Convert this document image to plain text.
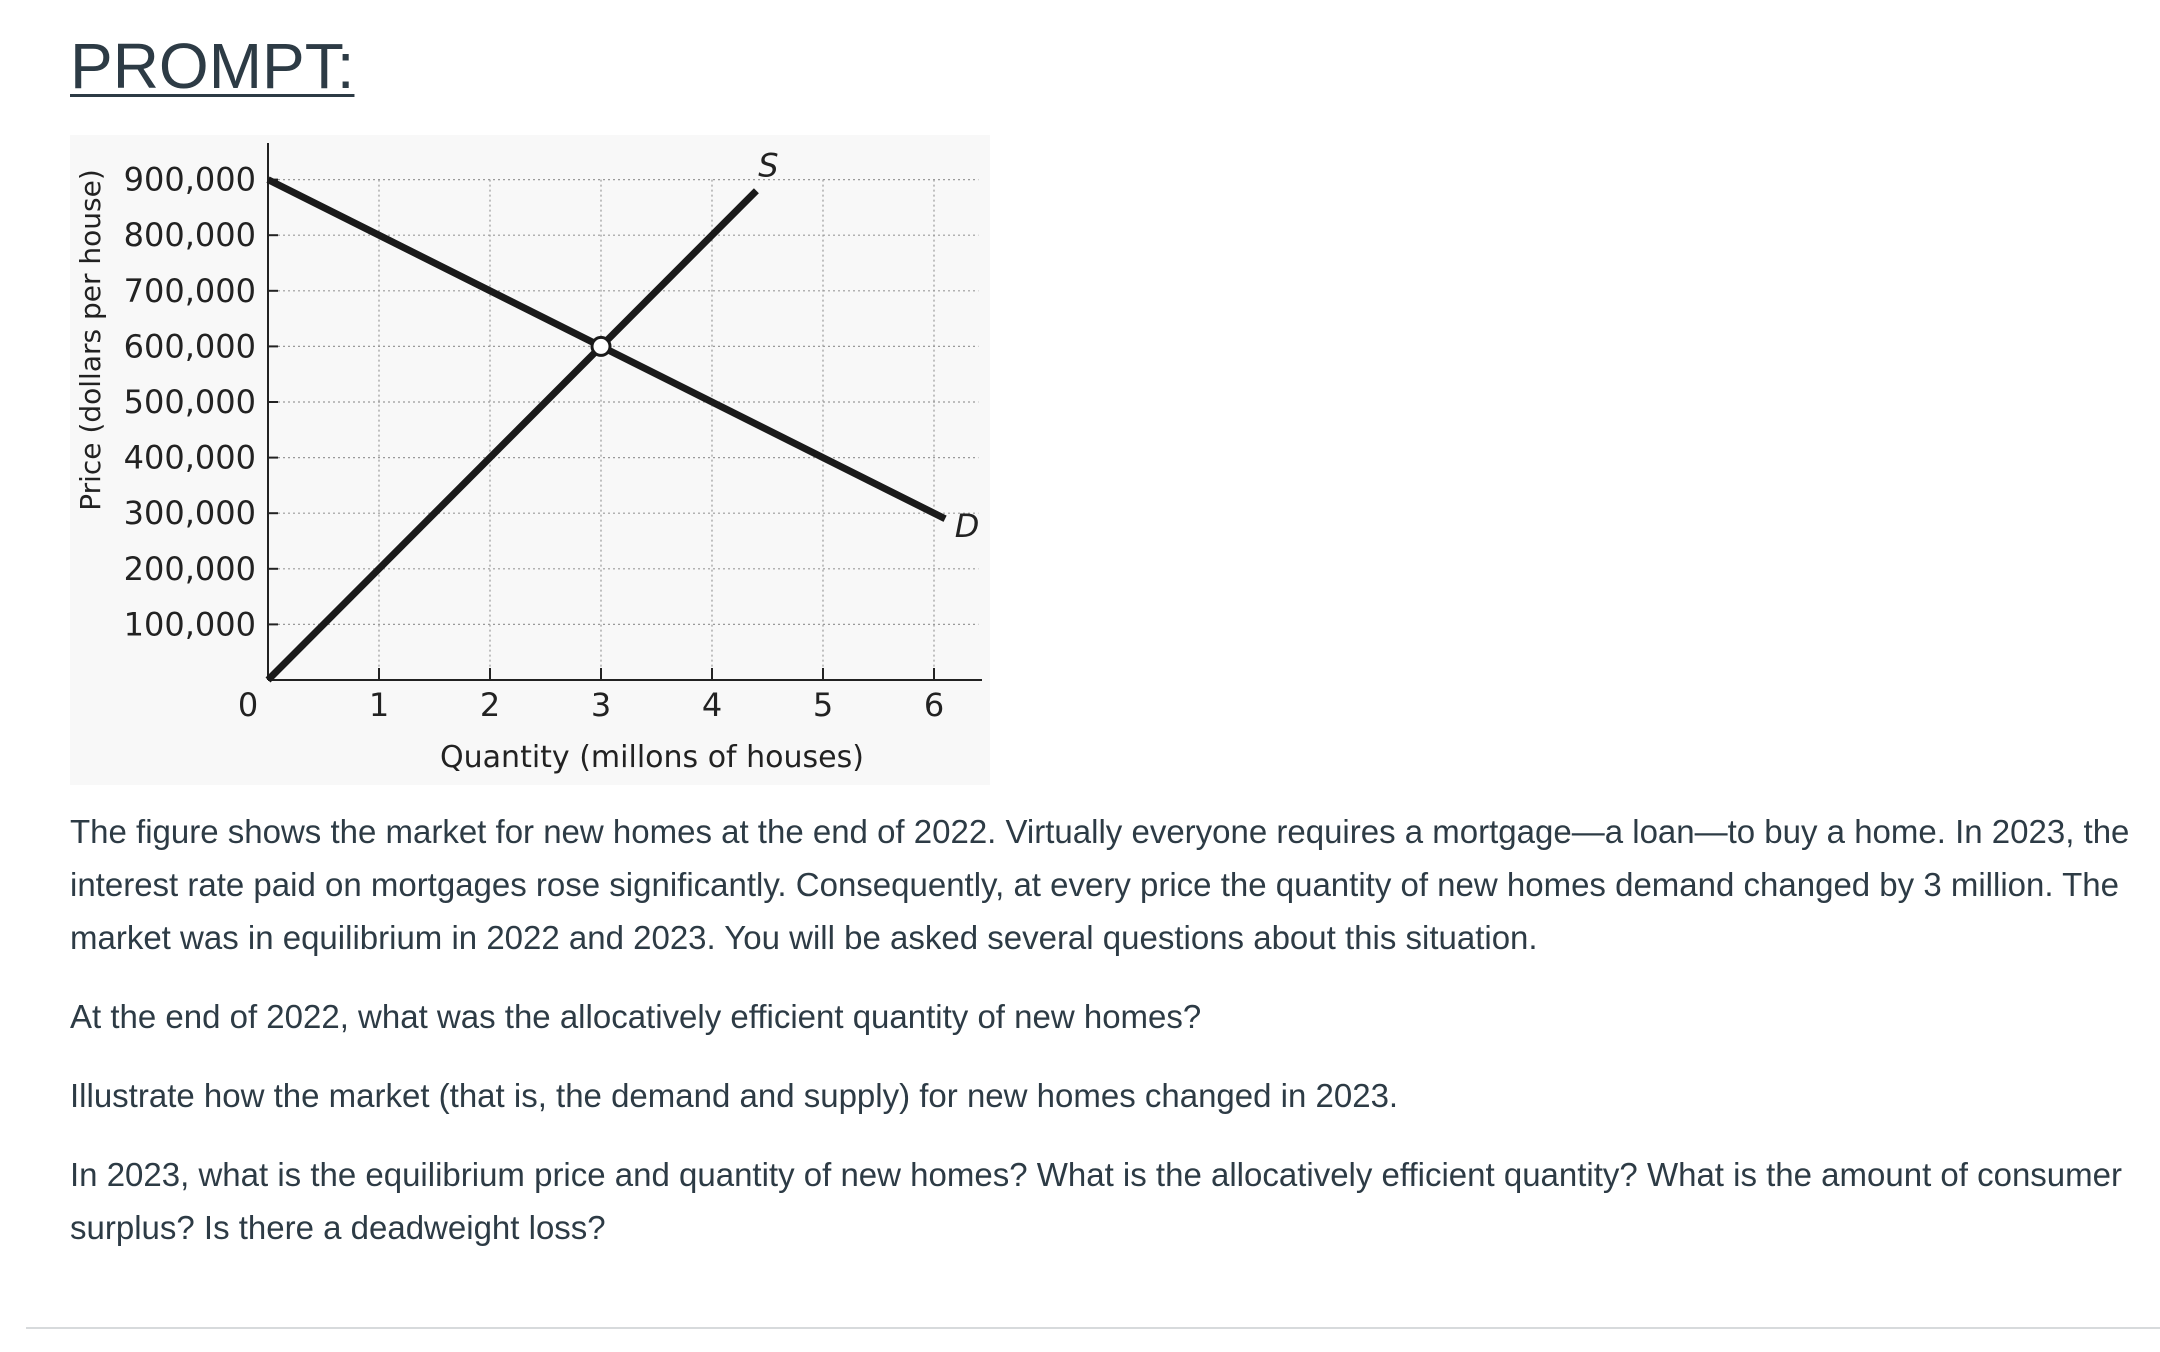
PROMPT:
100,000
200,000
300,000
400,000
500,000
600,000
700,000
800,000
900,000
0	1	2	3	4	5	6
S
D
Price (dollars per house)
Quantity (millons of houses)

The figure shows the market for new homes at the end of 2022. Virtually everyone requires a mortgage—a loan—to buy a home. In 2023, the interest rate paid on mortgages rose significantly. Consequently, at every price the quantity of new homes demand changed by 3 million. The market was in equilibrium in 2022 and 2023. You will be asked several questions about this situation.

At the end of 2022, what was the allocatively efficient quantity of new homes?

Illustrate how the market (that is, the demand and supply) for new homes changed in 2023.

In 2023, what is the equilibrium price and quantity of new homes? What is the allocatively efficient quantity? What is the amount of consumer surplus? Is there a deadweight loss?
